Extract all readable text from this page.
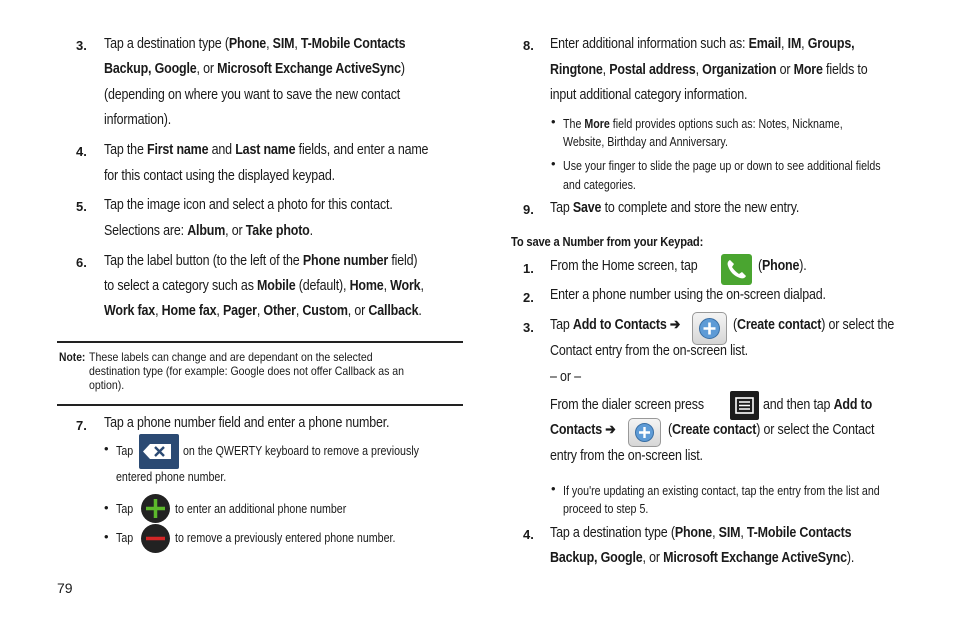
3. Tap a destination type (Phone, SIM, T-Mobile Contacts
Backup, Google, or Microsoft Exchange ActiveSync)
(depending on where you want to save the new contact
information).
4. Tap the First name and Last name fields, and enter a name
for this contact using the displayed keypad.
5. Tap the image icon and select a photo for this contact.
Selections are: Album, or Take photo.
6. Tap the label button (to the left of the Phone number field)
to select a category such as Mobile (default), Home, Work,
Work fax, Home fax, Pager, Other, Custom, or Callback.
Note: These labels can change and are dependant on the selected
destination type (for example: Google does not offer Callback as an
option).
7. Tap a phone number field and enter a phone number.
• Tap	on the QWERTY keyboard to remove a previously
entered phone number.
• Tap	to enter an additional phone number
• Tap	to remove a previously entered phone number.
79
8. Enter additional information such as: Email, IM, Groups,
Ringtone, Postal address, Organization or More fields to
input additional category information.
• The More field provides options such as: Notes, Nickname,
Website, Birthday and Anniversary.
• Use your finger to slide the page up or down to see additional fields
and categories.
9. Tap Save to complete and store the new entry.
To save a Number from your Keypad:
1. From the Home screen, tap	(Phone).
2. Enter a phone number using the on-screen dialpad.
3. Tap Add to Contacts ➔	(Create contact) or select the
Contact entry from the on-screen list.
– or –
From the dialer screen press	and then tap Add to
Contacts ➔	(Create contact) or select the Contact
entry from the on-screen list.
• If you're updating an existing contact, tap the entry from the list and
proceed to step 5.
4. Tap a destination type (Phone, SIM, T-Mobile Contacts
Backup, Google, or Microsoft Exchange ActiveSync).
